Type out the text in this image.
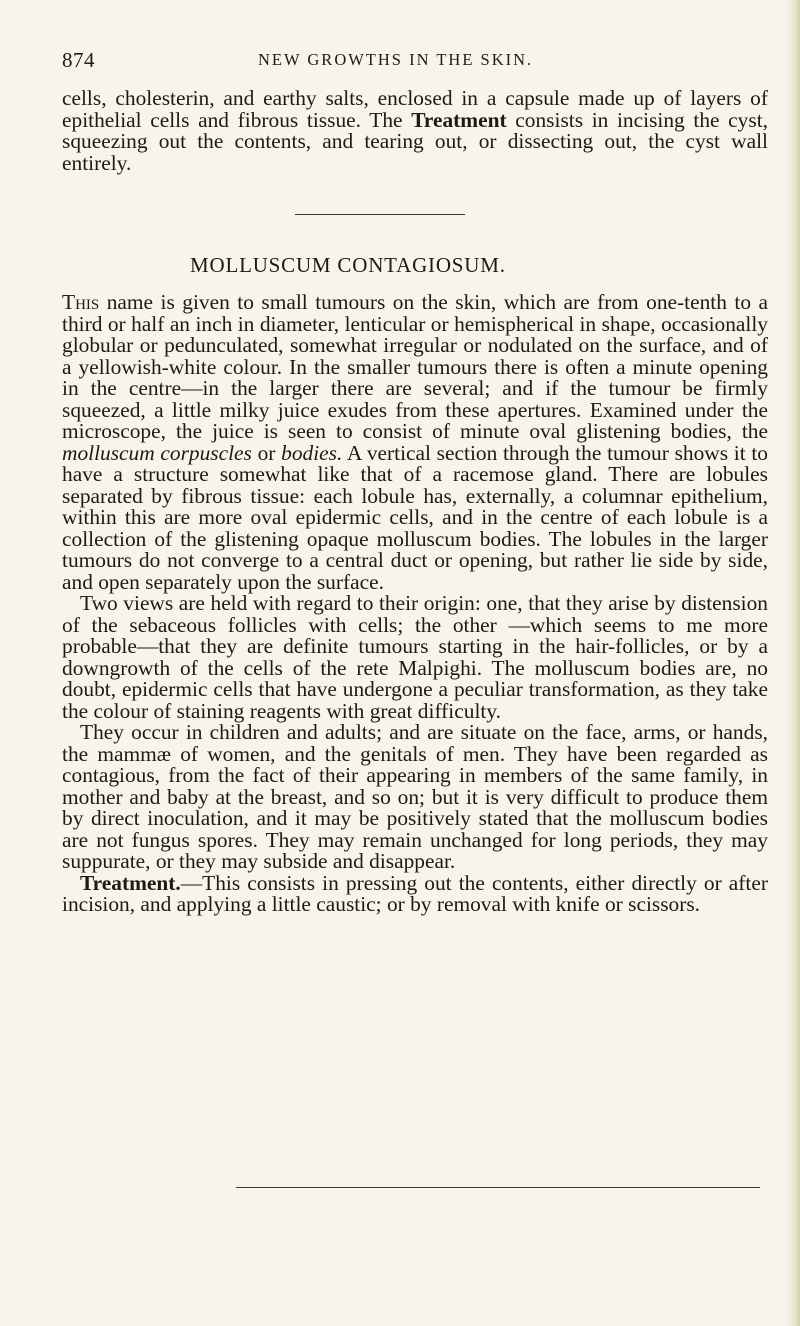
874	NEW GROWTHS IN THE SKIN.

cells, cholesterin, and earthy salts, enclosed in a capsule made up of layers of epithelial cells and fibrous tissue. The Treatment consists in incising the cyst, squeezing out the contents, and tearing out, or dissecting out, the cyst wall entirely.

MOLLUSCUM CONTAGIOSUM.

This name is given to small tumours on the skin, which are from one-tenth to a third or half an inch in diameter, lenticular or hemispherical in shape, occasionally globular or pedunculated, somewhat irregular or nodulated on the surface, and of a yellowish-white colour. In the smaller tumours there is often a minute opening in the centre—in the larger there are several; and if the tumour be firmly squeezed, a little milky juice exudes from these apertures. Examined under the microscope, the juice is seen to consist of minute oval glistening bodies, the molluscum corpuscles or bodies. A vertical section through the tumour shows it to have a structure somewhat like that of a racemose gland. There are lobules separated by fibrous tissue: each lobule has, externally, a columnar epithelium, within this are more oval epidermic cells, and in the centre of each lobule is a collection of the glistening opaque molluscum bodies. The lobules in the larger tumours do not converge to a central duct or opening, but rather lie side by side, and open separately upon the surface.

Two views are held with regard to their origin: one, that they arise by distension of the sebaceous follicles with cells; the other —which seems to me more probable—that they are definite tumours starting in the hair-follicles, or by a downgrowth of the cells of the rete Malpighi. The molluscum bodies are, no doubt, epidermic cells that have undergone a peculiar transformation, as they take the colour of staining reagents with great difficulty.

They occur in children and adults; and are situate on the face, arms, or hands, the mammæ of women, and the genitals of men. They have been regarded as contagious, from the fact of their appearing in members of the same family, in mother and baby at the breast, and so on; but it is very difficult to produce them by direct inoculation, and it may be positively stated that the molluscum bodies are not fungus spores. They may remain unchanged for long periods, they may suppurate, or they may subside and disappear.

Treatment.—This consists in pressing out the contents, either directly or after incision, and applying a little caustic; or by removal with knife or scissors.
